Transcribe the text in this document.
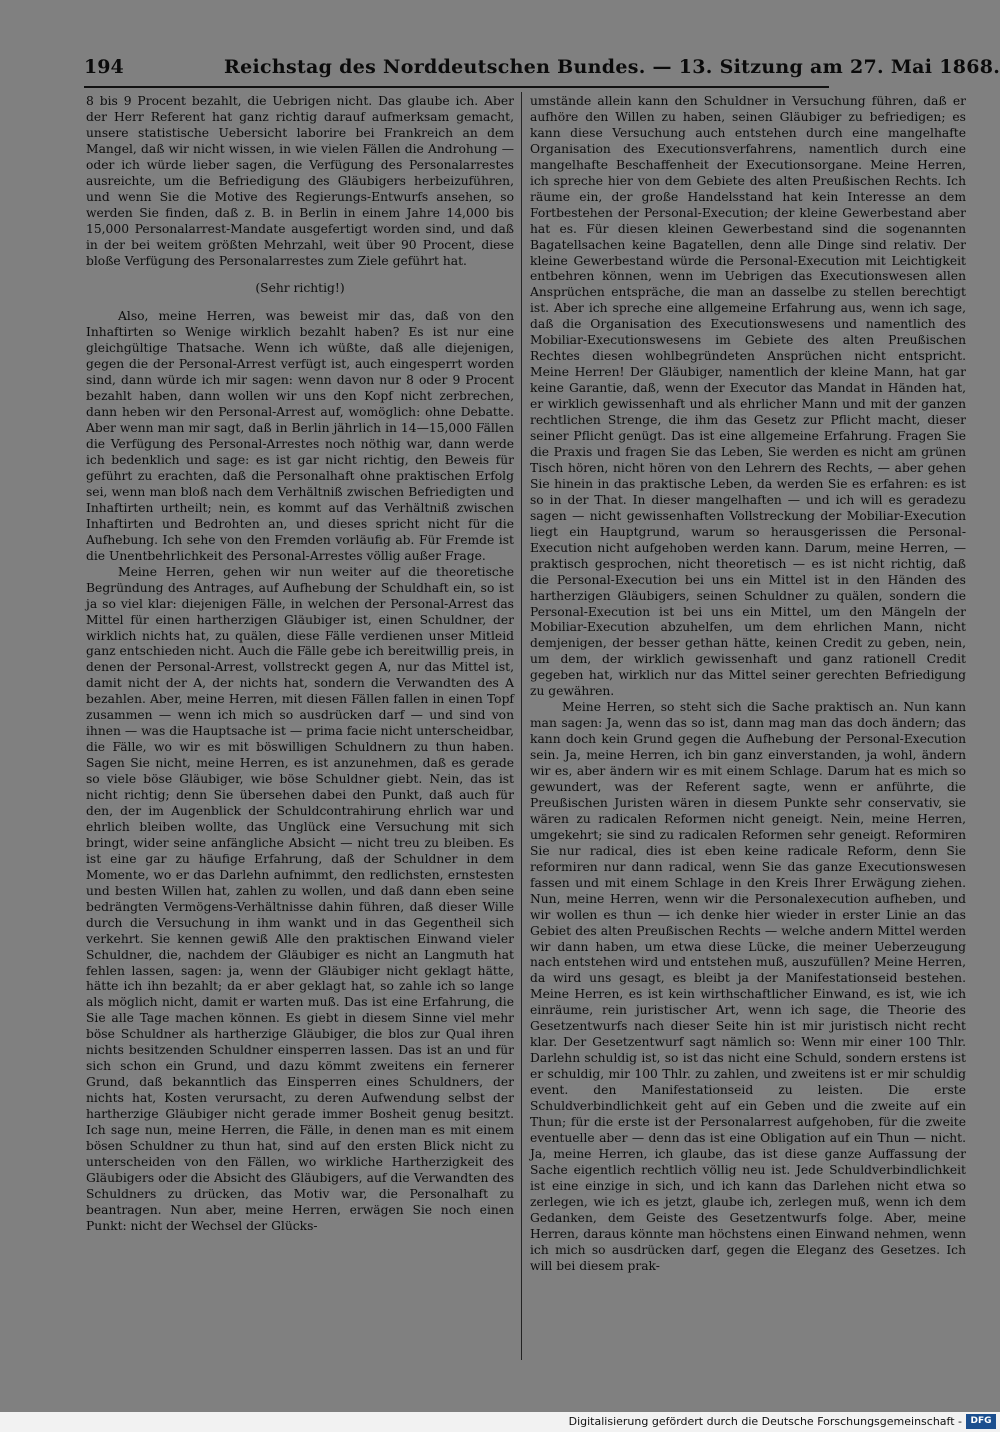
194	Reichstag des Norddeutschen Bundes. — 13. Sitzung am 27. Mai 1868.

8 bis 9 Procent bezahlt, die Uebrigen nicht. Das glaube ich. Aber der Herr Referent hat ganz richtig darauf aufmerksam gemacht, unsere statistische Uebersicht laborire bei Frankreich an dem Mangel, daß wir nicht wissen, in wie vielen Fällen die Androhung — oder ich würde lieber sagen, die Verfügung des Personalarrestes ausreichte, um die Befriedigung des Gläubigers herbeizuführen, und wenn Sie die Motive des Regierungs-Entwurfs ansehen, so werden Sie finden, daß z. B. in Berlin in einem Jahre 14,000 bis 15,000 Personalarrest-Mandate ausgefertigt worden sind, und daß in der bei weitem größten Mehrzahl, weit über 90 Procent, diese bloße Verfügung des Personalarrestes zum Ziele geführt hat.

(Sehr richtig!)

Also, meine Herren, was beweist mir das, daß von den Inhaftirten so Wenige wirklich bezahlt haben? Es ist nur eine gleichgültige Thatsache. Wenn ich wüßte, daß alle diejenigen, gegen die der Personal-Arrest verfügt ist, auch eingesperrt worden sind, dann würde ich mir sagen: wenn davon nur 8 oder 9 Procent bezahlt haben, dann wollen wir uns den Kopf nicht zerbrechen, dann heben wir den Personal-Arrest auf, womöglich: ohne Debatte. Aber wenn man mir sagt, daß in Berlin jährlich in 14—15,000 Fällen die Verfügung des Personal-Arrestes noch nöthig war, dann werde ich bedenklich und sage: es ist gar nicht richtig, den Beweis für geführt zu erachten, daß die Personalhaft ohne praktischen Erfolg sei, wenn man bloß nach dem Verhältniß zwischen Befriedigten und Inhaftirten urtheilt; nein, es kommt auf das Verhältniß zwischen Inhaftirten und Bedrohten an, und dieses spricht nicht für die Aufhebung. Ich sehe von den Fremden vorläufig ab. Für Fremde ist die Unentbehrlichkeit des Personal-Arrestes völlig außer Frage.

Meine Herren, gehen wir nun weiter auf die theoretische Begründung des Antrages, auf Aufhebung der Schuldhaft ein, so ist ja so viel klar: diejenigen Fälle, in welchen der Personal-Arrest das Mittel für einen hartherzigen Gläubiger ist, einen Schuldner, der wirklich nichts hat, zu quälen, diese Fälle verdienen unser Mitleid ganz entschieden nicht. Auch die Fälle gebe ich bereitwillig preis, in denen der Personal-Arrest, vollstreckt gegen A, nur das Mittel ist, damit nicht der A, der nichts hat, sondern die Verwandten des A bezahlen. Aber, meine Herren, mit diesen Fällen fallen in einen Topf zusammen — wenn ich mich so ausdrücken darf — und sind von ihnen — was die Hauptsache ist — prima facie nicht unterscheidbar, die Fälle, wo wir es mit böswilligen Schuldnern zu thun haben. Sagen Sie nicht, meine Herren, es ist anzunehmen, daß es gerade so viele böse Gläubiger, wie böse Schuldner giebt. Nein, das ist nicht richtig; denn Sie übersehen dabei den Punkt, daß auch für den, der im Augenblick der Schuldcontrahirung ehrlich war und ehrlich bleiben wollte, das Unglück eine Versuchung mit sich bringt, wider seine anfängliche Absicht — nicht treu zu bleiben. Es ist eine gar zu häufige Erfahrung, daß der Schuldner in dem Momente, wo er das Darlehn aufnimmt, den redlichsten, ernstesten und besten Willen hat, zahlen zu wollen, und daß dann eben seine bedrängten Vermögens-Verhältnisse dahin führen, daß dieser Wille durch die Versuchung in ihm wankt und in das Gegentheil sich verkehrt. Sie kennen gewiß Alle den praktischen Einwand vieler Schuldner, die, nachdem der Gläubiger es nicht an Langmuth hat fehlen lassen, sagen: ja, wenn der Gläubiger nicht geklagt hätte, hätte ich ihn bezahlt; da er aber geklagt hat, so zahle ich so lange als möglich nicht, damit er warten muß. Das ist eine Erfahrung, die Sie alle Tage machen können. Es giebt in diesem Sinne viel mehr böse Schuldner als hartherzige Gläubiger, die blos zur Qual ihren nichts besitzenden Schuldner einsperren lassen. Das ist an und für sich schon ein Grund, und dazu kömmt zweitens ein fernerer Grund, daß bekanntlich das Einsperren eines Schuldners, der nichts hat, Kosten verursacht, zu deren Aufwendung selbst der hartherzige Gläubiger nicht gerade immer Bosheit genug besitzt. Ich sage nun, meine Herren, die Fälle, in denen man es mit einem bösen Schuldner zu thun hat, sind auf den ersten Blick nicht zu unterscheiden von den Fällen, wo wirkliche Hartherzigkeit des Gläubigers oder die Absicht des Gläubigers, auf die Verwandten des Schuldners zu drücken, das Motiv war, die Personalhaft zu beantragen. Nun aber, meine Herren, erwägen Sie noch einen Punkt: nicht der Wechsel der Glücks-

umstände allein kann den Schuldner in Versuchung führen, daß er aufhöre den Willen zu haben, seinen Gläubiger zu befriedigen; es kann diese Versuchung auch entstehen durch eine mangelhafte Organisation des Executionsverfahrens, namentlich durch eine mangelhafte Beschaffenheit der Executionsorgane. Meine Herren, ich spreche hier von dem Gebiete des alten Preußischen Rechts. Ich räume ein, der große Handelsstand hat kein Interesse an dem Fortbestehen der Personal-Execution; der kleine Gewerbestand aber hat es. Für diesen kleinen Gewerbestand sind die sogenannten Bagatellsachen keine Bagatellen, denn alle Dinge sind relativ. Der kleine Gewerbestand würde die Personal-Execution mit Leichtigkeit entbehren können, wenn im Uebrigen das Executionswesen allen Ansprüchen entspräche, die man an dasselbe zu stellen berechtigt ist. Aber ich spreche eine allgemeine Erfahrung aus, wenn ich sage, daß die Organisation des Executionswesens und namentlich des Mobiliar-Executionswesens im Gebiete des alten Preußischen Rechtes diesen wohlbegründeten Ansprüchen nicht entspricht. Meine Herren! Der Gläubiger, namentlich der kleine Mann, hat gar keine Garantie, daß, wenn der Executor das Mandat in Händen hat, er wirklich gewissenhaft und als ehrlicher Mann und mit der ganzen rechtlichen Strenge, die ihm das Gesetz zur Pflicht macht, dieser seiner Pflicht genügt. Das ist eine allgemeine Erfahrung. Fragen Sie die Praxis und fragen Sie das Leben, Sie werden es nicht am grünen Tisch hören, nicht hören von den Lehrern des Rechts, — aber gehen Sie hinein in das praktische Leben, da werden Sie es erfahren: es ist so in der That. In dieser mangelhaften — und ich will es geradezu sagen — nicht gewissenhaften Vollstreckung der Mobiliar-Execution liegt ein Hauptgrund, warum so herausgerissen die Personal-Execution nicht aufgehoben werden kann. Darum, meine Herren, — praktisch gesprochen, nicht theoretisch — es ist nicht richtig, daß die Personal-Execution bei uns ein Mittel ist in den Händen des hartherzigen Gläubigers, seinen Schuldner zu quälen, sondern die Personal-Execution ist bei uns ein Mittel, um den Mängeln der Mobiliar-Execution abzuhelfen, um dem ehrlichen Mann, nicht demjenigen, der besser gethan hätte, keinen Credit zu geben, nein, um dem, der wirklich gewissenhaft und ganz rationell Credit gegeben hat, wirklich nur das Mittel seiner gerechten Befriedigung zu gewähren.

Meine Herren, so steht sich die Sache praktisch an. Nun kann man sagen: Ja, wenn das so ist, dann mag man das doch ändern; das kann doch kein Grund gegen die Aufhebung der Personal-Execution sein. Ja, meine Herren, ich bin ganz einverstanden, ja wohl, ändern wir es, aber ändern wir es mit einem Schlage. Darum hat es mich so gewundert, was der Referent sagte, wenn er anführte, die Preußischen Juristen wären in diesem Punkte sehr conservativ, sie wären zu radicalen Reformen nicht geneigt. Nein, meine Herren, umgekehrt; sie sind zu radicalen Reformen sehr geneigt. Reformiren Sie nur radical, dies ist eben keine radicale Reform, denn Sie reformiren nur dann radical, wenn Sie das ganze Executionswesen fassen und mit einem Schlage in den Kreis Ihrer Erwägung ziehen. Nun, meine Herren, wenn wir die Personalexecution aufheben, und wir wollen es thun — ich denke hier wieder in erster Linie an das Gebiet des alten Preußischen Rechts — welche andern Mittel werden wir dann haben, um etwa diese Lücke, die meiner Ueberzeugung nach entstehen wird und entstehen muß, auszufüllen? Meine Herren, da wird uns gesagt, es bleibt ja der Manifestationseid bestehen. Meine Herren, es ist kein wirthschaftlicher Einwand, es ist, wie ich einräume, rein juristischer Art, wenn ich sage, die Theorie des Gesetzentwurfs nach dieser Seite hin ist mir juristisch nicht recht klar. Der Gesetzentwurf sagt nämlich so: Wenn mir einer 100 Thlr. Darlehn schuldig ist, so ist das nicht eine Schuld, sondern erstens ist er schuldig, mir 100 Thlr. zu zahlen, und zweitens ist er mir schuldig event. den Manifestationseid zu leisten. Die erste Schuldverbindlichkeit geht auf ein Geben und die zweite auf ein Thun; für die erste ist der Personalarrest aufgehoben, für die zweite eventuelle aber — denn das ist eine Obligation auf ein Thun — nicht. Ja, meine Herren, ich glaube, das ist diese ganze Auffassung der Sache eigentlich rechtlich völlig neu ist. Jede Schuldverbindlichkeit ist eine einzige in sich, und ich kann das Darlehen nicht etwa so zerlegen, wie ich es jetzt, glaube ich, zerlegen muß, wenn ich dem Gedanken, dem Geiste des Gesetzentwurfs folge. Aber, meine Herren, daraus könnte man höchstens einen Einwand nehmen, wenn ich mich so ausdrücken darf, gegen die Eleganz des Gesetzes. Ich will bei diesem prak-

Digitalisierung gefördert durch die Deutsche Forschungsgemeinschaft - DFG
